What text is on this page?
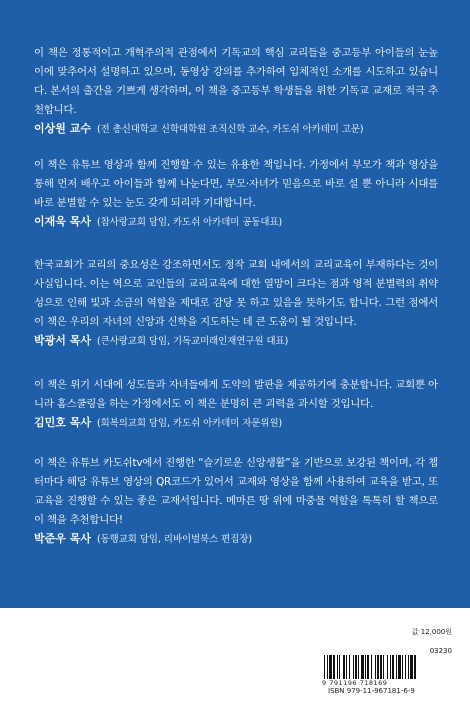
이 책은 정통적이고 개혁주의적 관점에서 기독교의 핵심 교리들을 중고등부 아이들의 눈높이에 맞추어서 설명하고 있으며, 동영상 강의를 추가하여 입체적인 소개를 시도하고 있습니다. 본서의 출간을 기쁘게 생각하며, 이 책을 중고등부 학생들을 위한 기독교 교재로 적극 추천합니다.

이상원 교수 (전 총신대학교 신학대학원 조직신학 교수, 카도쉬 아카데미 고문)

이 책은 유튜브 영상과 함께 진행할 수 있는 유용한 책입니다. 가정에서 부모가 책과 영상을 통해 먼저 배우고 아이들과 함께 나눈다면, 부모·자녀가 믿음으로 바로 설 뿐 아니라 시대를 바로 분별할 수 있는 눈도 갖게 되리라 기대합니다.

이재욱 목사 (참사랑교회 담임, 카도쉬 아카데미 공동대표)

한국교회가 교리의 중요성은 강조하면서도 정작 교회 내에서의 교리교육이 부재하다는 것이 사실입니다. 이는 역으로 교인들의 교리교육에 대한 열망이 크다는 점과 영적 분별력의 취약성으로 인해 빛과 소금의 역할을 제대로 감당 못 하고 있음을 뜻하기도 합니다. 그런 점에서 이 책은 우리의 자녀의 신앙과 신학을 지도하는 데 큰 도움이 될 것입니다.

박광서 목사 (큰사랑교회 담임, 기독교미래인재연구원 대표)

이 책은 위기 시대에 성도들과 자녀들에게 도약의 발판을 제공하기에 충분합니다. 교회뿐 아니라 홈스쿨링을 하는 가정에서도 이 책은 분명히 큰 괴력을 과시할 것입니다.

김민호 목사 (회복의교회 담임, 카도쉬 아카데미 자문위원)

이 책은 유튜브 카도쉬tv에서 진행한 “슬기로운 신앙생활”을 기반으로 보강된 책이며, 각 챕터마다 해당 유튜브 영상의 QR코드가 있어서 교재와 영상을 함께 사용하여 교육을 받고, 또 교육을 진행할 수 있는 좋은 교재서입니다. 메마른 땅 위에 마중물 역할을 톡톡히 할 책으로 이 책을 추천합니다!

박준우 목사 (동행교회 담임, 리바이벌북스 편집장)
값 12,000원
03230
9 791196 718169
ISBN 979-11-967181-6-9
